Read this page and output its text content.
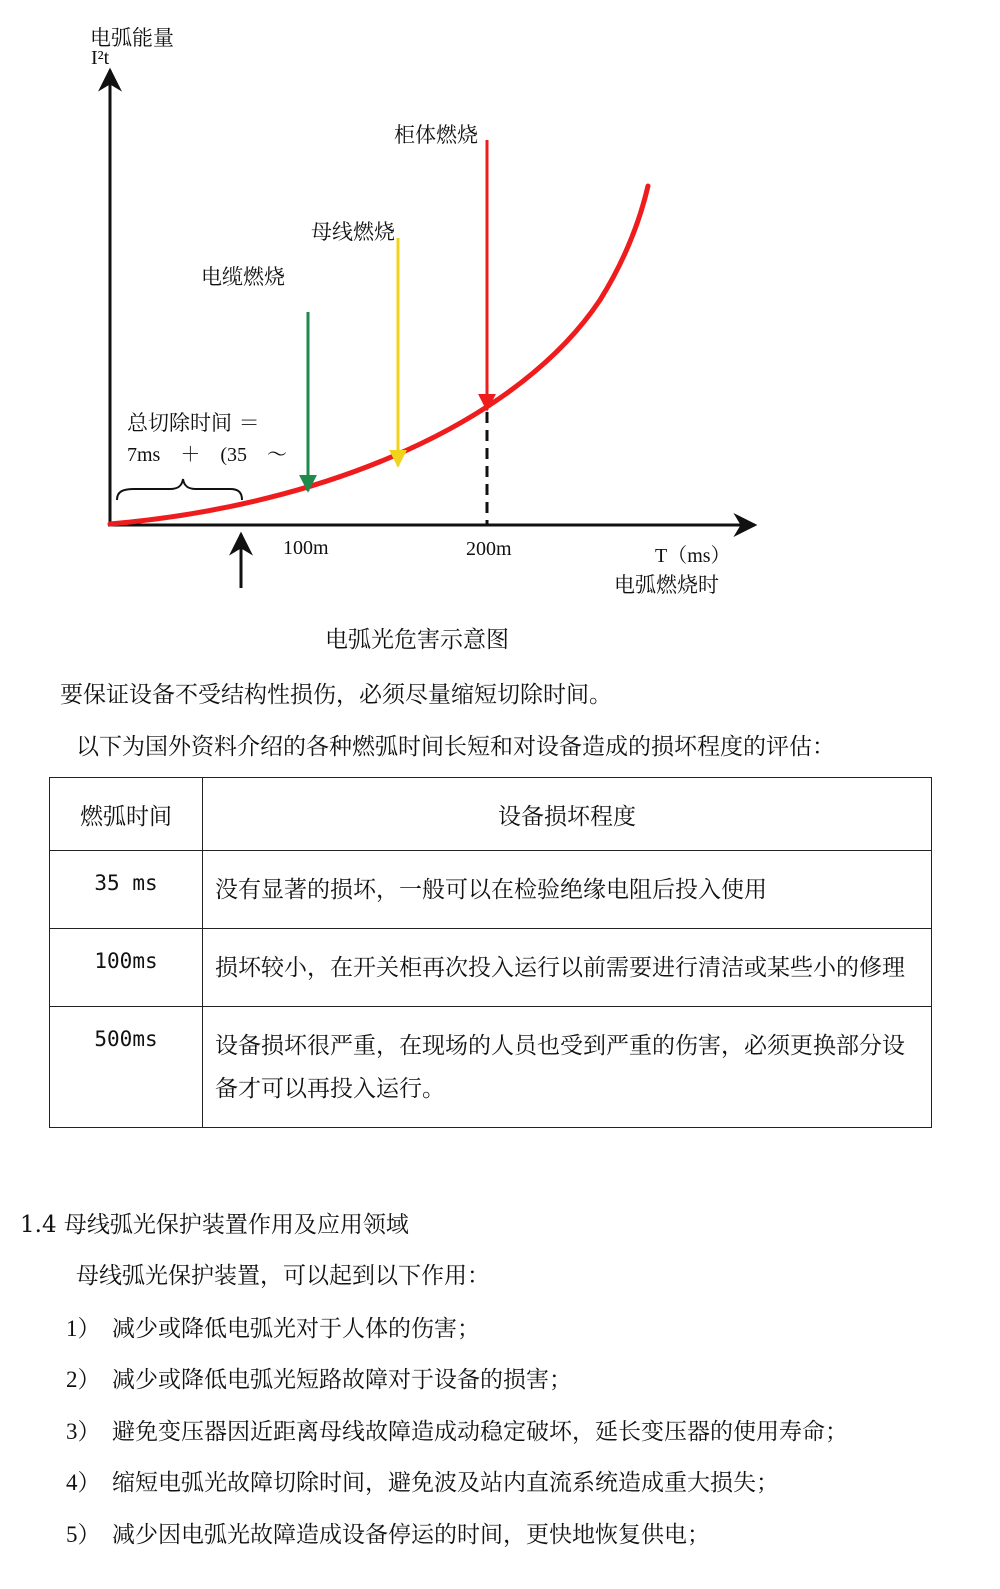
电弧能量
I²t
柜体燃烧
母线燃烧
电缆燃烧
总切除时间 ＝
7ms　＋　(35　～
100m	200m	T（ms）
电弧燃烧时
电弧光危害示意图
要保证设备不受结构性损伤，必须尽量缩短切除时间。
以下为国外资料介绍的各种燃弧时间长短和对设备造成的损坏程度的评估：
燃弧时间	设备损坏程度
35 ms	没有显著的损坏，一般可以在检验绝缘电阻后投入使用
100ms	损坏较小，在开关柜再次投入运行以前需要进行清洁或某些小的修理
500ms	设备损坏很严重，在现场的人员也受到严重的伤害，必须更换部分设备才可以再投入运行。
1.4 母线弧光保护装置作用及应用领域
母线弧光保护装置，可以起到以下作用：
1） 减少或降低电弧光对于人体的伤害；
2） 减少或降低电弧光短路故障对于设备的损害；
3） 避免变压器因近距离母线故障造成动稳定破坏，延长变压器的使用寿命；
4） 缩短电弧光故障切除时间，避免波及站内直流系统造成重大损失；
5） 减少因电弧光故障造成设备停运的时间，更快地恢复供电；
